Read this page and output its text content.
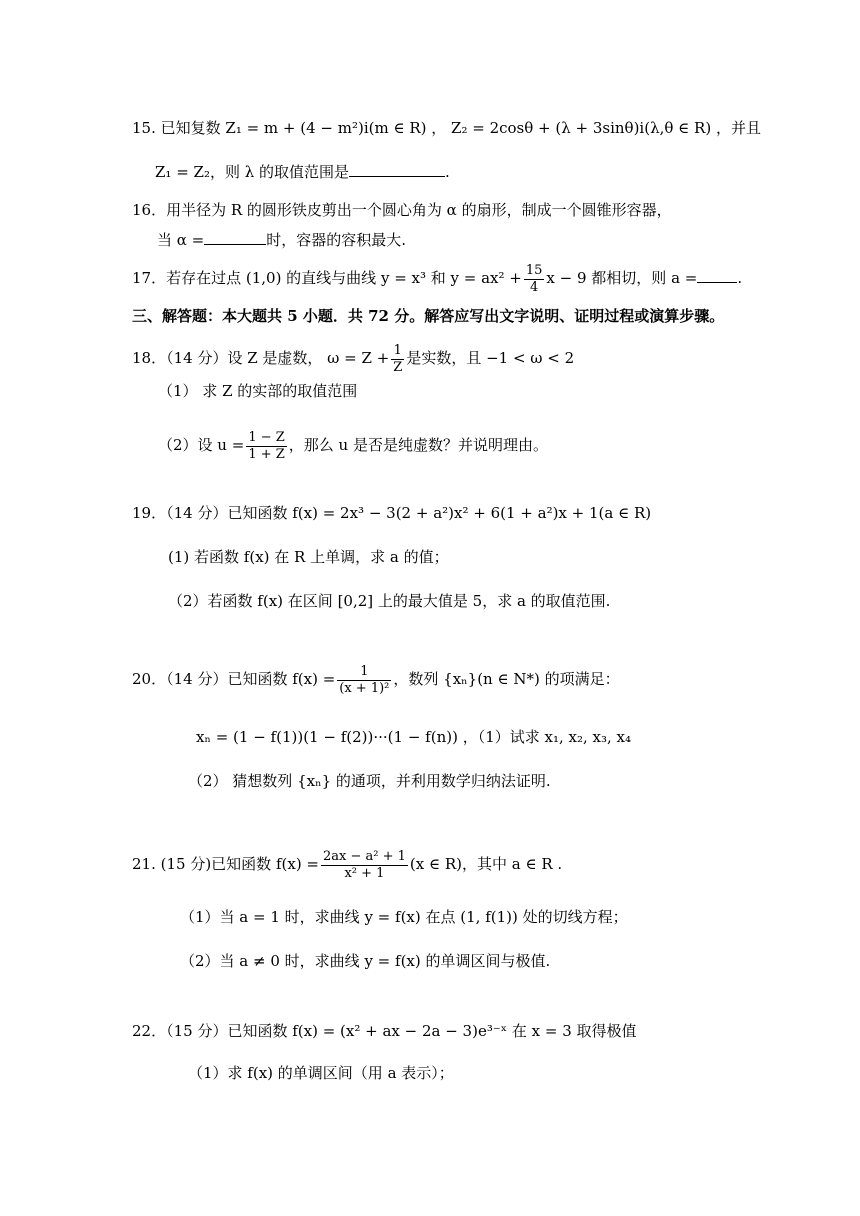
15. 已知复数 Z₁ = m + (4 − m²)i(m ∈ R) ， Z₂ = 2cosθ + (λ + 3sinθ)i(λ,θ ∈ R) ，并且
Z₁ = Z₂，则 λ 的取值范围是	.
16．用半径为 R 的圆形铁皮剪出一个圆心角为 α 的扇形，制成一个圆锥形容器，
当 α =	时，容器的容积最大.
17．若存在过点 (1,0) 的直线与曲线 y = x³ 和 $y = ax^2 + \frac{15}{4}$ x − 9 都相切，则 a =	.
三、解答题：本大题共 5 小题．共 72 分。解答应写出文字说明、证明过程或演算步骤。
18．（14 分）设 Z 是虚数， $\omega = Z + \frac{1}{Z}$ 是实数，且 −1 < ω < 2
（1） 求 Z 的实部的取值范围
（2）设 $u = \frac{1 - Z}{1 + Z}$ ，那么 u 是否是纯虚数？并说明理由。
19．（14 分）已知函数 f(x) = 2x³ − 3(2 + a²)x² + 6(1 + a²)x + 1(a ∈ R)
(1) 若函数 f(x) 在 R 上单调，求 a 的值；
（2）若函数 f(x) 在区间 [0,2] 上的最大值是 5，求 a 的取值范围.
20．（14 分）已知函数 $f(x) = \frac{1}{\text{(x + 1)²}}$ ，数列 {xₙ}(n ∈ N*) 的项满足：
xₙ = (1 − f(1))(1 − f(2))···(1 − f(n)) ，（1）试求 x₁, x₂, x₃, x₄
（2） 猜想数列 {xₙ} 的通项，并利用数学归纳法证明.
21. (15 分)已知函数 $f(x) = \frac{\text{2ax − a² + 1}}{\text{x² + 1}} (x$ ∈ R)，其中 a ∈ R .
（1）当 a = 1 时，求曲线 y = f(x) 在点 (1, f(1)) 处的切线方程；
（2）当 a ≠ 0 时，求曲线 y = f(x) 的单调区间与极值.
22．（15 分）已知函数 f(x) = (x² + ax − 2a − 3)e³⁻ˣ 在 x = 3 取得极值
（1）求 f(x) 的单调区间（用 a 表示）；
